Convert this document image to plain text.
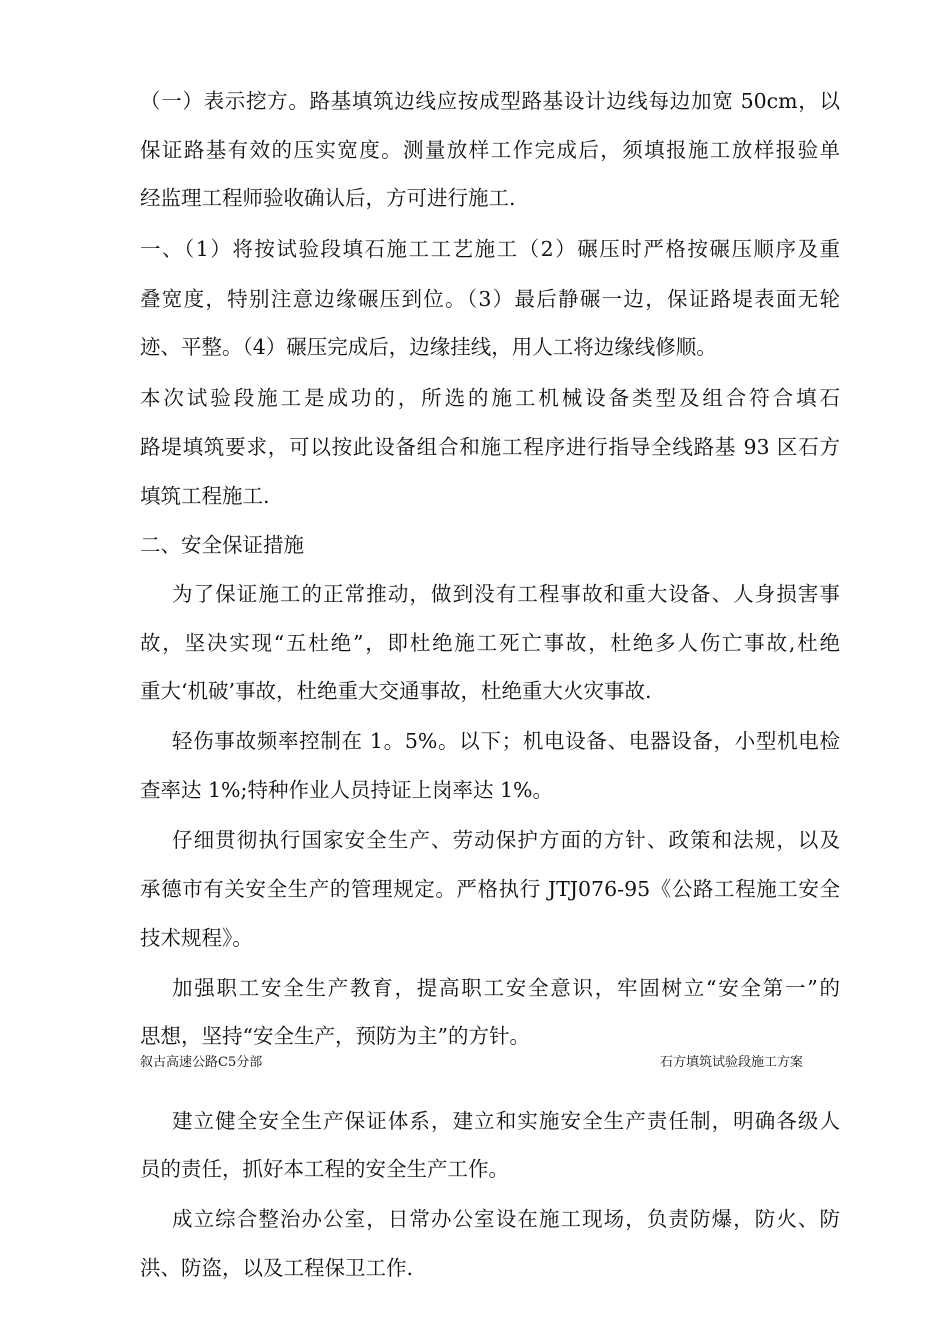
（一）表示挖方。路基填筑边线应按成型路基设计边线每边加宽 50cm，以
保证路基有效的压实宽度。测量放样工作完成后，须填报施工放样报验单
经监理工程师验收确认后，方可进行施工.
一、（1）将按试验段填石施工工艺施工（2）碾压时严格按碾压顺序及重
叠宽度，特别注意边缘碾压到位。（3）最后静碾一边，保证路堤表面无轮
迹、平整。（4）碾压完成后，边缘挂线，用人工将边缘线修顺。
本次试验段施工是成功的，所选的施工机械设备类型及组合符合填石
路堤填筑要求，可以按此设备组合和施工程序进行指导全线路基 93 区石方
填筑工程施工.
二、安全保证措施
为了保证施工的正常推动，做到没有工程事故和重大设备、人身损害事
故，坚决实现“五杜绝”，即杜绝施工死亡事故，杜绝多人伤亡事故,杜绝
重大‘机破’事故，杜绝重大交通事故，杜绝重大火灾事故.
轻伤事故频率控制在 1。5%。以下；机电设备、电器设备，小型机电检
查率达 1%;特种作业人员持证上岗率达 1%。
仔细贯彻执行国家安全生产、劳动保护方面的方针、政策和法规，以及
承德市有关安全生产的管理规定。严格执行 JTJ076-95《公路工程施工安全
技术规程》。
加强职工安全生产教育，提高职工安全意识，牢固树立“安全第一”的
思想，坚持“安全生产，预防为主”的方针。
叙古高速公路C5分部	石方填筑试验段施工方案
建立健全安全生产保证体系，建立和实施安全生产责任制，明确各级人
员的责任，抓好本工程的安全生产工作。
成立综合整治办公室，日常办公室设在施工现场，负责防爆，防火、防
洪、防盗，以及工程保卫工作.
